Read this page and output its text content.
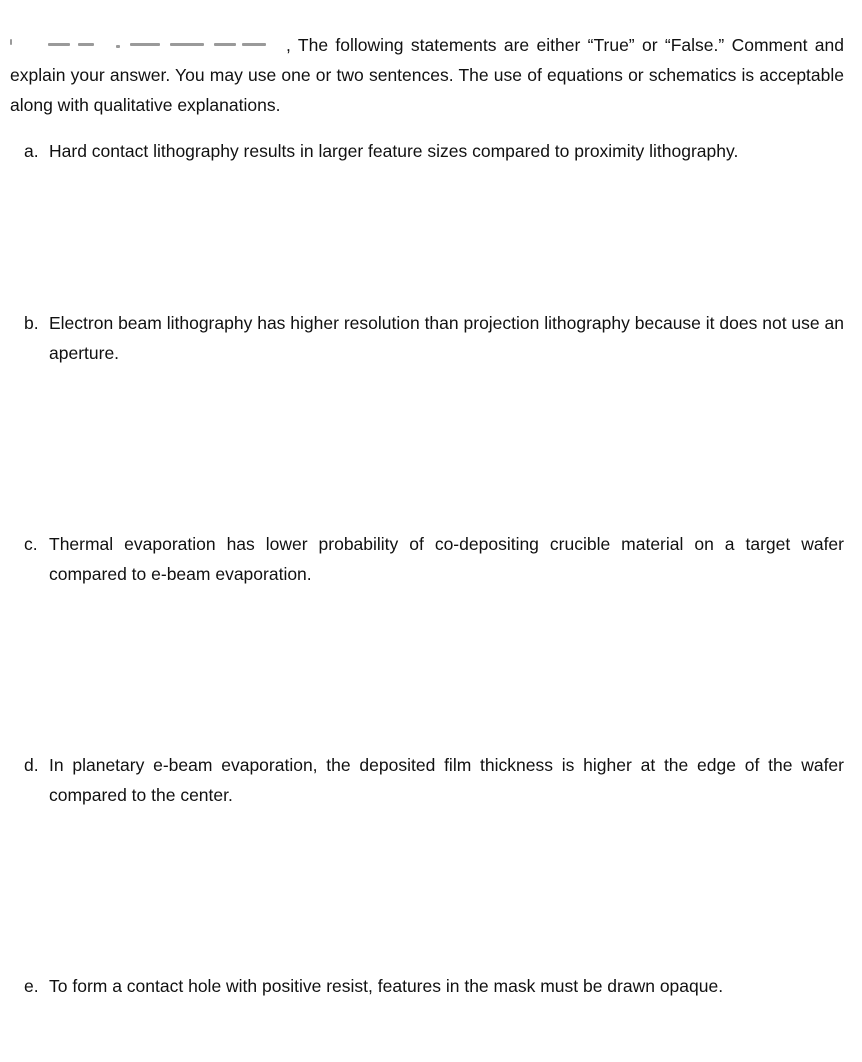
, The following statements are either “True” or “False.” Comment and explain your answer. You may use one or two sentences. The use of equations or schematics is acceptable along with qualitative explanations.

a. Hard contact lithography results in larger feature sizes compared to proximity lithography.
b. Electron beam lithography has higher resolution than projection lithography because it does not use an aperture.
c. Thermal evaporation has lower probability of co-depositing crucible material on a target wafer compared to e-beam evaporation.
d. In planetary e-beam evaporation, the deposited film thickness is higher at the edge of the wafer compared to the center.
e. To form a contact hole with positive resist, features in the mask must be drawn opaque.
